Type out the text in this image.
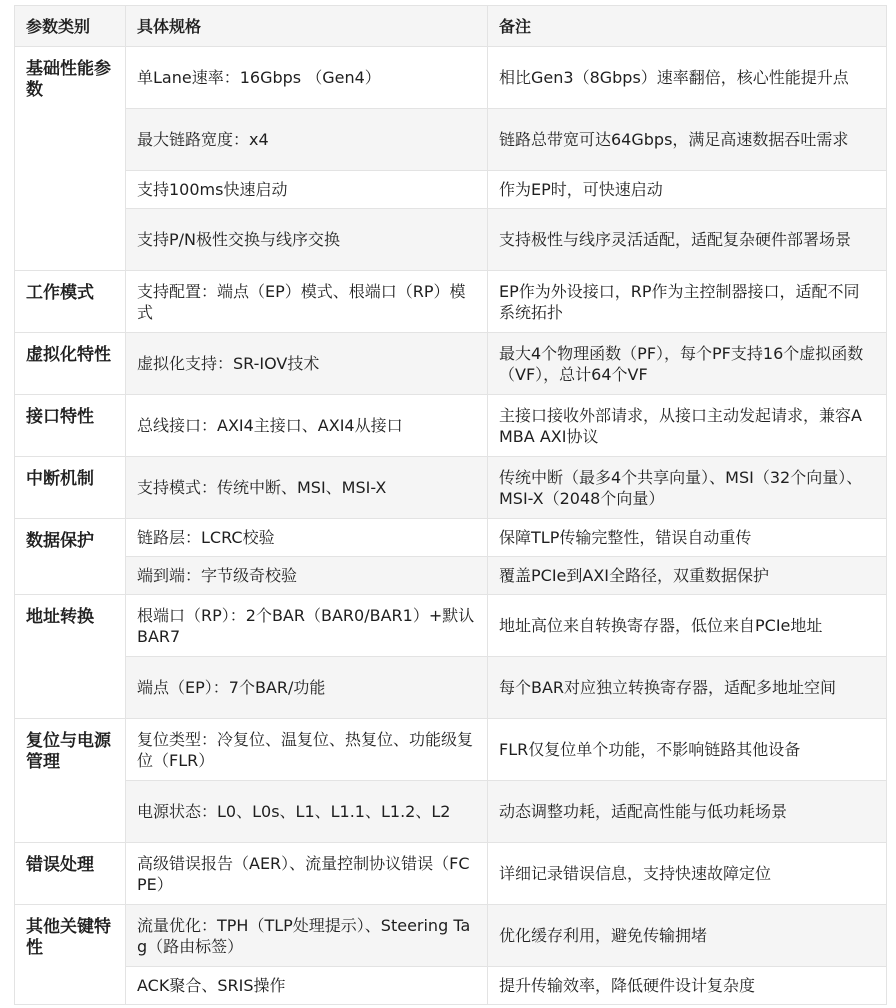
参数类别	具体规格	备注
基础性能参数	单Lane速率：16Gbps （Gen4）	相比Gen3（8Gbps）速率翻倍，核心性能提升点
	最大链路宽度：x4	链路总带宽可达64Gbps，满足高速数据吞吐需求
	支持100ms快速启动	作为EP时，可快速启动
	支持P/N极性交换与线序交换	支持极性与线序灵活适配，适配复杂硬件部署场景
工作模式	支持配置：端点（EP）模式、根端口（RP）模式	EP作为外设接口，RP作为主控制器接口，适配不同系统拓扑
虚拟化特性	虚拟化支持：SR-IOV技术	最大4个物理函数（PF），每个PF支持16个虚拟函数（VF），总计64个VF
接口特性	总线接口：AXI4主接口、AXI4从接口	主接口接收外部请求，从接口主动发起请求，兼容AMBA AXI协议
中断机制	支持模式：传统中断、MSI、MSI-X	传统中断（最多4个共享向量）、MSI（32个向量）、MSI-X（2048个向量）
数据保护	链路层：LCRC校验	保障TLP传输完整性，错误自动重传
	端到端：字节级奇校验	覆盖PCIe到AXI全路径，双重数据保护
地址转换	根端口（RP）：2个BAR（BAR0/BAR1）+默认BAR7	地址高位来自转换寄存器，低位来自PCIe地址
	端点（EP）：7个BAR/功能	每个BAR对应独立转换寄存器，适配多地址空间
复位与电源管理	复位类型：冷复位、温复位、热复位、功能级复位（FLR）	FLR仅复位单个功能，不影响链路其他设备
	电源状态：L0、L0s、L1、L1.1、L1.2、L2	动态调整功耗，适配高性能与低功耗场景
错误处理	高级错误报告（AER）、流量控制协议错误（FCPE）	详细记录错误信息，支持快速故障定位
其他关键特性	流量优化：TPH（TLP处理提示）、Steering Tag（路由标签）	优化缓存利用，避免传输拥堵
	ACK聚合、SRIS操作	提升传输效率，降低硬件设计复杂度
